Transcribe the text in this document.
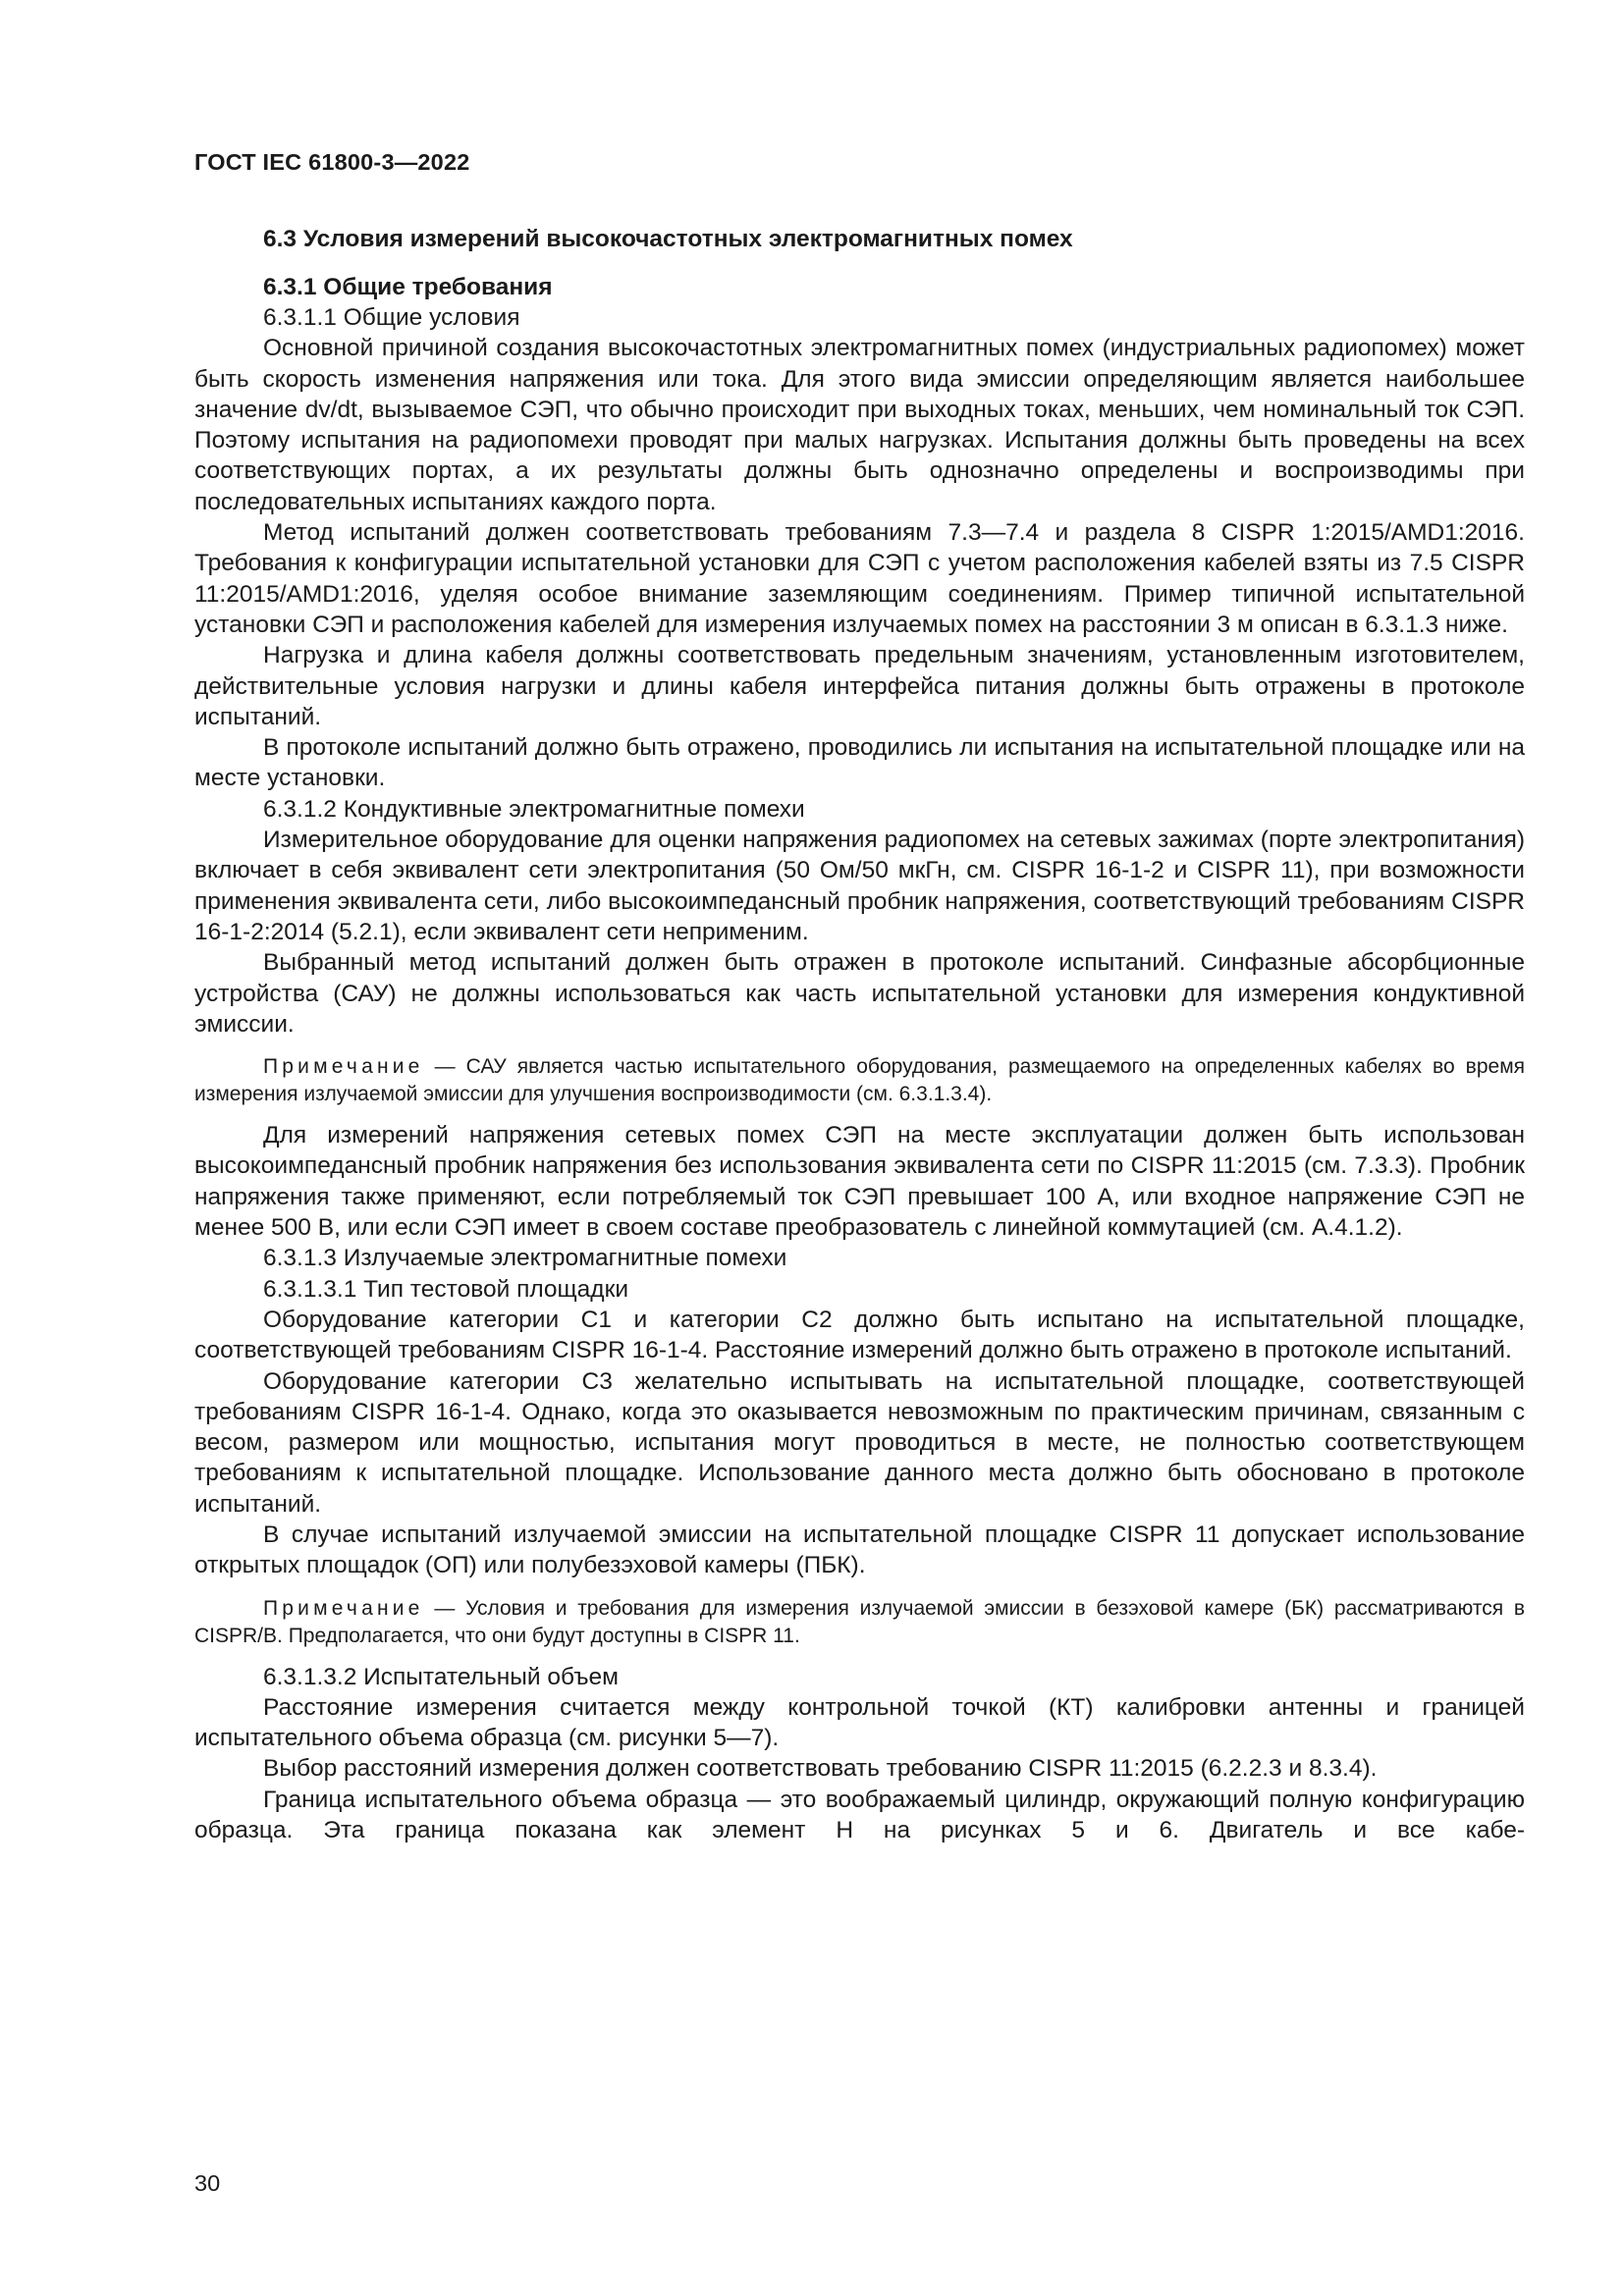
ГОСТ IEC 61800-3—2022
6.3 Условия измерений высокочастотных электромагнитных помех
6.3.1 Общие требования
6.3.1.1 Общие условия

Основной причиной создания высокочастотных электромагнитных помех (индустриальных радиопомех) может быть скорость изменения напряжения или тока. Для этого вида эмиссии определяющим является наибольшее значение dv/dt, вызываемое СЭП, что обычно происходит при выходных токах, меньших, чем номинальный ток СЭП. Поэтому испытания на радиопомехи проводят при малых нагрузках. Испытания должны быть проведены на всех соответствующих портах, а их результаты должны быть однозначно определены и воспроизводимы при последовательных испытаниях каждого порта.

Метод испытаний должен соответствовать требованиям 7.3—7.4 и раздела 8 CISPR 1:2015/AMD1:2016. Требования к конфигурации испытательной установки для СЭП с учетом расположения кабелей взяты из 7.5 CISPR 11:2015/AMD1:2016, уделяя особое внимание заземляющим соединениям. Пример типичной испытательной установки СЭП и расположения кабелей для измерения излучаемых помех на расстоянии 3 м описан в 6.3.1.3 ниже.

Нагрузка и длина кабеля должны соответствовать предельным значениям, установленным изготовителем, действительные условия нагрузки и длины кабеля интерфейса питания должны быть отражены в протоколе испытаний.

В протоколе испытаний должно быть отражено, проводились ли испытания на испытательной площадке или на месте установки.

6.3.1.2 Кондуктивные электромагнитные помехи

Измерительное оборудование для оценки напряжения радиопомех на сетевых зажимах (порте электропитания) включает в себя эквивалент сети электропитания (50 Ом/50 мкГн, см. CISPR 16-1-2 и CISPR 11), при возможности применения эквивалента сети, либо высокоимпедансный пробник напряжения, соответствующий требованиям CISPR 16-1-2:2014 (5.2.1), если эквивалент сети неприменим.

Выбранный метод испытаний должен быть отражен в протоколе испытаний. Синфазные абсорбционные устройства (САУ) не должны использоваться как часть испытательной установки для измерения кондуктивной эмиссии.

Примечание — САУ является частью испытательного оборудования, размещаемого на определенных кабелях во время измерения излучаемой эмиссии для улучшения воспроизводимости (см. 6.3.1.3.4).

Для измерений напряжения сетевых помех СЭП на месте эксплуатации должен быть использован высокоимпедансный пробник напряжения без использования эквивалента сети по CISPR 11:2015 (см. 7.3.3). Пробник напряжения также применяют, если потребляемый ток СЭП превышает 100 А, или входное напряжение СЭП не менее 500 В, или если СЭП имеет в своем составе преобразователь с линейной коммутацией (см. А.4.1.2).

6.3.1.3 Излучаемые электромагнитные помехи
6.3.1.3.1 Тип тестовой площадки

Оборудование категории С1 и категории С2 должно быть испытано на испытательной площадке, соответствующей требованиям CISPR 16-1-4. Расстояние измерений должно быть отражено в протоколе испытаний.

Оборудование категории С3 желательно испытывать на испытательной площадке, соответствующей требованиям CISPR 16-1-4. Однако, когда это оказывается невозможным по практическим причинам, связанным с весом, размером или мощностью, испытания могут проводиться в месте, не полностью соответствующем требованиям к испытательной площадке. Использование данного места должно быть обосновано в протоколе испытаний.

В случае испытаний излучаемой эмиссии на испытательной площадке CISPR 11 допускает использование открытых площадок (ОП) или полубезэховой камеры (ПБК).

Примечание — Условия и требования для измерения излучаемой эмиссии в безэховой камере (БК) рассматриваются в CISPR/B. Предполагается, что они будут доступны в CISPR 11.
6.3.1.3.2 Испытательный объем

Расстояние измерения считается между контрольной точкой (КТ) калибровки антенны и границей испытательного объема образца (см. рисунки 5—7).

Выбор расстояний измерения должен соответствовать требованию CISPR 11:2015 (6.2.2.3 и 8.3.4).

Граница испытательного объема образца — это воображаемый цилиндр, окружающий полную конфигурацию образца. Эта граница показана как элемент Н на рисунках 5 и 6. Двигатель и все кабе-

30
